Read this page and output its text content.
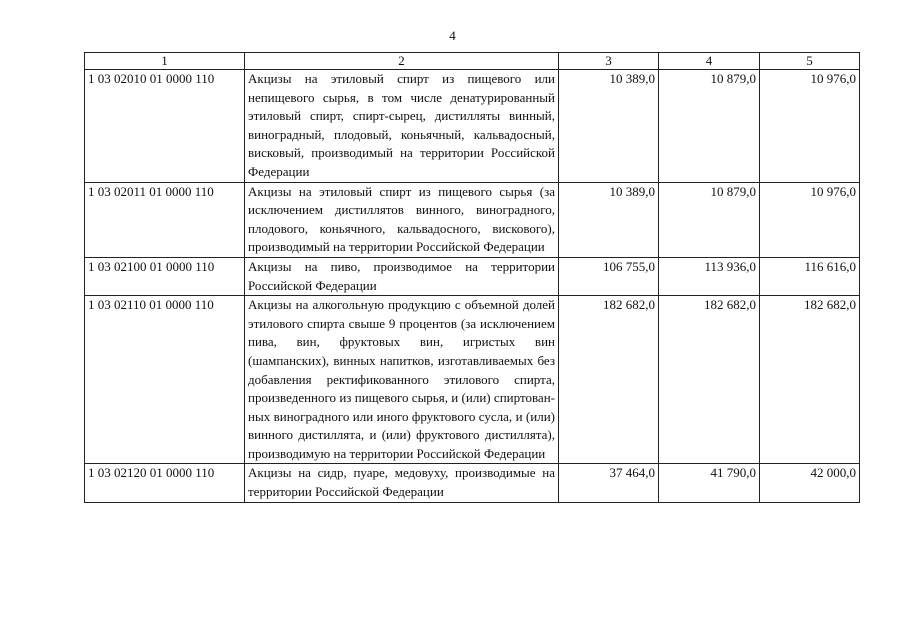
4
1	2	3	4	5
1 03 02010 01 0000 110	Акцизы на этиловый спирт из пищевого или непищевого сырья, в том числе денатурированный этиловый спирт, спирт-сырец, дистилляты винный, виноградный, плодовый, коньячный, кальвадосный, висковый, производимый на территории Российской Федерации	10 389,0	10 879,0	10 976,0
1 03 02011 01 0000 110	Акцизы на этиловый спирт из пищевого сырья (за исключением дистиллятов винного, виноградного, плодового, коньячного, кальвадосного, вискового), производимый на территории Российской Федерации	10 389,0	10 879,0	10 976,0
1 03 02100 01 0000 110	Акцизы на пиво, производимое на территории Российской Федерации	106 755,0	113 936,0	116 616,0
1 03 02110 01 0000 110	Акцизы на алкогольную продукцию с объемной долей этилового спирта свыше 9 процентов (за исключением пива, вин, фруктовых вин, игристых вин (шампанских), винных напитков, изготавливаемых без добавления ректификованного этилового спирта, произведенного из пищевого сырья, и (или) спиртованных виноградного или иного фруктового сусла, и (или) винного дистиллята, и (или) фруктового дистиллята), производимую на территории Российской Федерации	182 682,0	182 682,0	182 682,0
1 03 02120 01 0000 110	Акцизы на сидр, пуаре, медовуху, производимые на территории Российской Федерации	37 464,0	41 790,0	42 000,0
